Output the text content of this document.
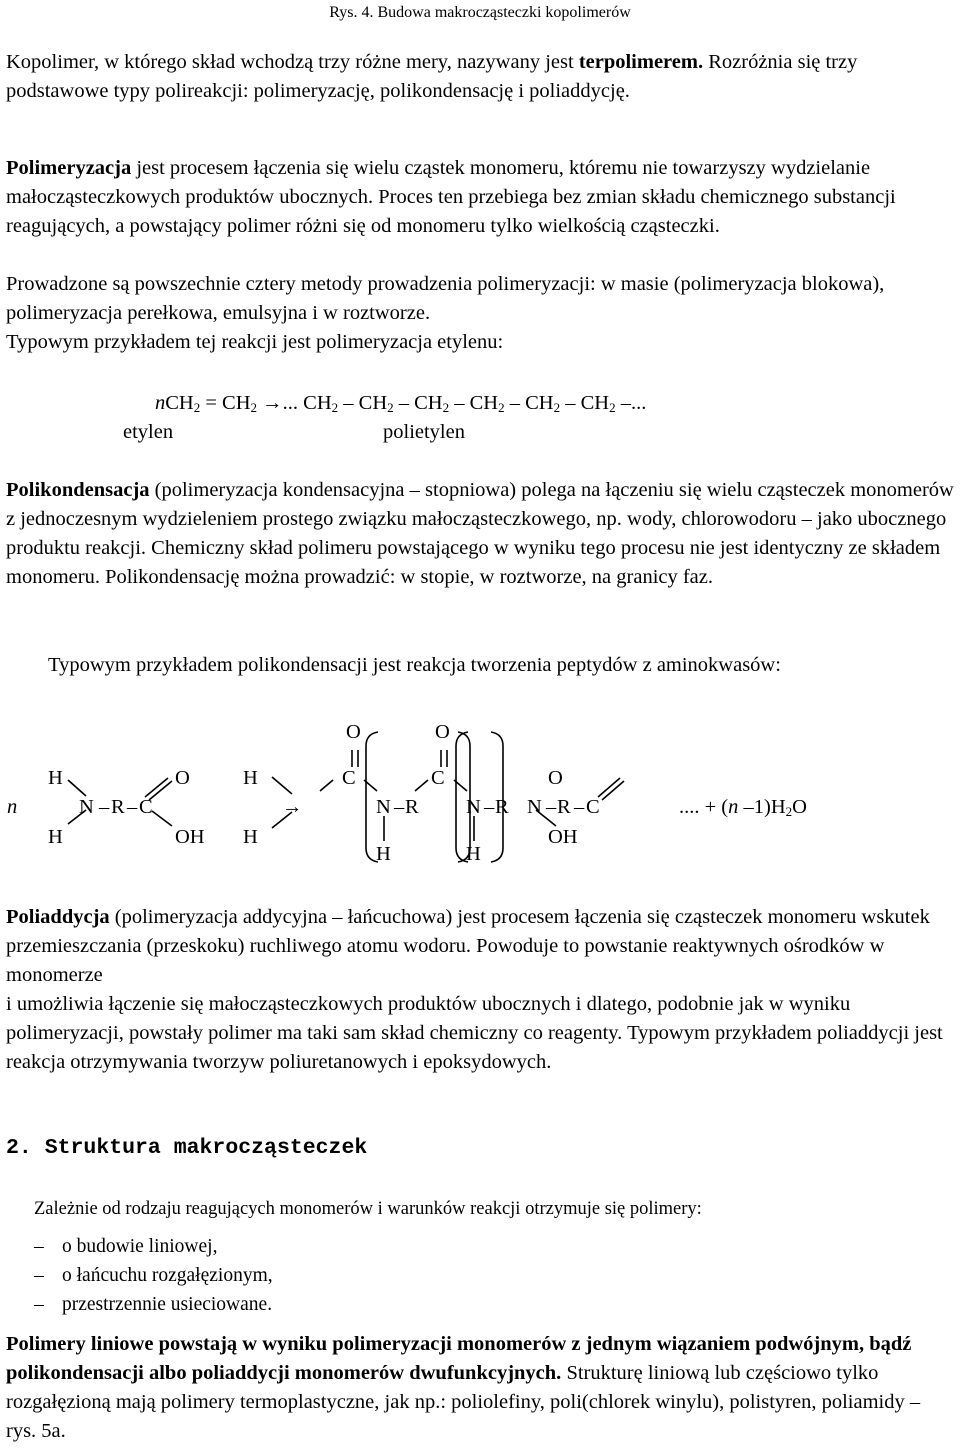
Rys. 4. Budowa makrocząsteczki kopolimerów

Kopolimer, w którego skład wchodzą trzy różne mery, nazywany jest terpolimerem. Rozróżnia się trzy podstawowe typy polireakcji: polimeryzację, polikondensację i poliaddycję.

Polimeryzacja jest procesem łączenia się wielu cząstek monomeru, któremu nie towarzyszy wydzielanie małocząsteczkowych produktów ubocznych. Proces ten przebiega bez zmian składu chemicznego substancji reagujących, a powstający polimer różni się od monomeru tylko wielkością cząsteczki.

Prowadzone są powszechnie cztery metody prowadzenia polimeryzacji: w masie (polimeryzacja blokowa), polimeryzacja perełkowa, emulsyjna i w roztworze.

Typowym przykładem tej reakcji jest polimeryzacja etylenu:

$nCH_2 = CH_2$ →... $CH_2 - CH_2 - CH_2 - CH_2 - CH_2 - CH_2$ –...
etylen	polietylen

Polikondensacja (polimeryzacja kondensacyjna – stopniowa) polega na łączeniu się wielu cząsteczek monomerów z jednoczesnym wydzieleniem prostego związku małocząsteczkowego, np. wody, chlorowodoru – jako ubocznego produktu reakcji. Chemiczny skład polimeru powstającego w wyniku tego procesu nie jest identyczny ze składem monomeru. Polikondensację można prowadzić: w stopie, w roztworze, na granicy faz.

Typowym przykładem polikondensacji jest reakcja tworzenia peptydów z aminokwasów:

n
H
H
N – R – C
O
OH
H
H
→
O
C
N – R
H
O
C
N – R
H
N – R – C
O
OH
.... + (n $-1)H_2O$

Poliaddycja (polimeryzacja addycyjna – łańcuchowa) jest procesem łączenia się cząsteczek monomeru wskutek przemieszczania (przeskoku) ruchliwego atomu wodoru. Powoduje to powstanie reaktywnych ośrodków w monomerze
i umożliwia łączenie się małocząsteczkowych produktów ubocznych i dlatego, podobnie jak w wyniku polimeryzacji, powstały polimer ma taki sam skład chemiczny co reagenty. Typowym przykładem poliaddycji jest reakcja otrzymywania tworzyw poliuretanowych i epoksydowych.

2. Struktura makrocząsteczek
Zależnie od rodzaju reagujących monomerów i warunków reakcji otrzymuje się polimery:
– o budowie liniowej,
– o łańcuchu rozgałęzionym,
– przestrzennie usieciowane.

Polimery liniowe powstają w wyniku polimeryzacji monomerów z jednym wiązaniem podwójnym, bądź polikondensacji albo poliaddycji monomerów dwufunkcyjnych. Strukturę liniową lub częściowo tylko rozgałęzioną mają polimery termoplastyczne, jak np.: poliolefiny, poli(chlorek winylu), polistyren, poliamidy – rys. 5a.
